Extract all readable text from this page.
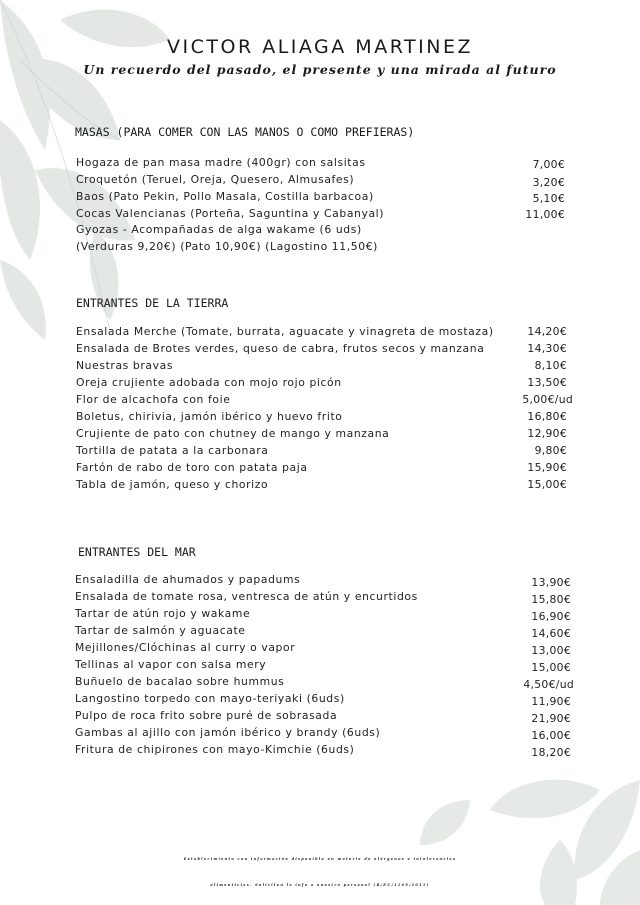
VICTOR ALIAGA MARTINEZ
Un recuerdo del pasado, el presente y una mirada al futuro
MASAS (PARA COMER CON LAS MANOS O COMO PREFIERAS)
Hogaza de pan masa madre (400gr) con salsitas	7,00€
Croquetón (Teruel, Oreja, Quesero, Almusafes)	3,20€
Baos (Pato Pekin, Pollo Masala, Costilla barbacoa)	5,10€
Cocas Valencianas (Porteña, Saguntina y Cabanyal)	11,00€
Gyozas - Acompañadas de alga wakame (6 uds)
(Verduras 9,20€) (Pato 10,90€) (Lagostino 11,50€)
ENTRANTES DE LA TIERRA
Ensalada Merche (Tomate, burrata, aguacate y vinagreta de mostaza)	14,20€
Ensalada de Brotes verdes, queso de cabra, frutos secos y manzana	14,30€
Nuestras bravas	8,10€
Oreja crujiente adobada con mojo rojo picón	13,50€
Flor de alcachofa con foie	5,00€/ud
Boletus, chirivia, jamón ibérico y huevo frito	16,80€
Crujiente de pato con chutney de mango y manzana	12,90€
Tortilla de patata a la carbonara	9,80€
Fartón de rabo de toro con patata paja	15,90€
Tabla de jamón, queso y chorizo	15,00€
ENTRANTES DEL MAR
Ensaladilla de ahumados y papadums	13,90€
Ensalada de tomate rosa, ventresca de atún y encurtidos	15,80€
Tartar de atún rojo y wakame	16,90€
Tartar de salmón y aguacate	14,60€
Mejillones/Clóchinas al curry o vapor	13,00€
Tellinas al vapor con salsa mery	15,00€
Buñuelo de bacalao sobre hummus	4,50€/ud
Langostino torpedo con mayo-teriyaki (6uds)	11,90€
Pulpo de roca frito sobre puré de sobrasada	21,90€
Gambas al ajillo con jamón ibérico y brandy (6uds)	16,00€
Fritura de chipirones con mayo-Kimchie (6uds)	18,20€
Establecimiento con información disponible en materia de alérgenos e intolerancias
alimenticias. Soliciten la info a nuestro personal (R/EU/1169/2011)
